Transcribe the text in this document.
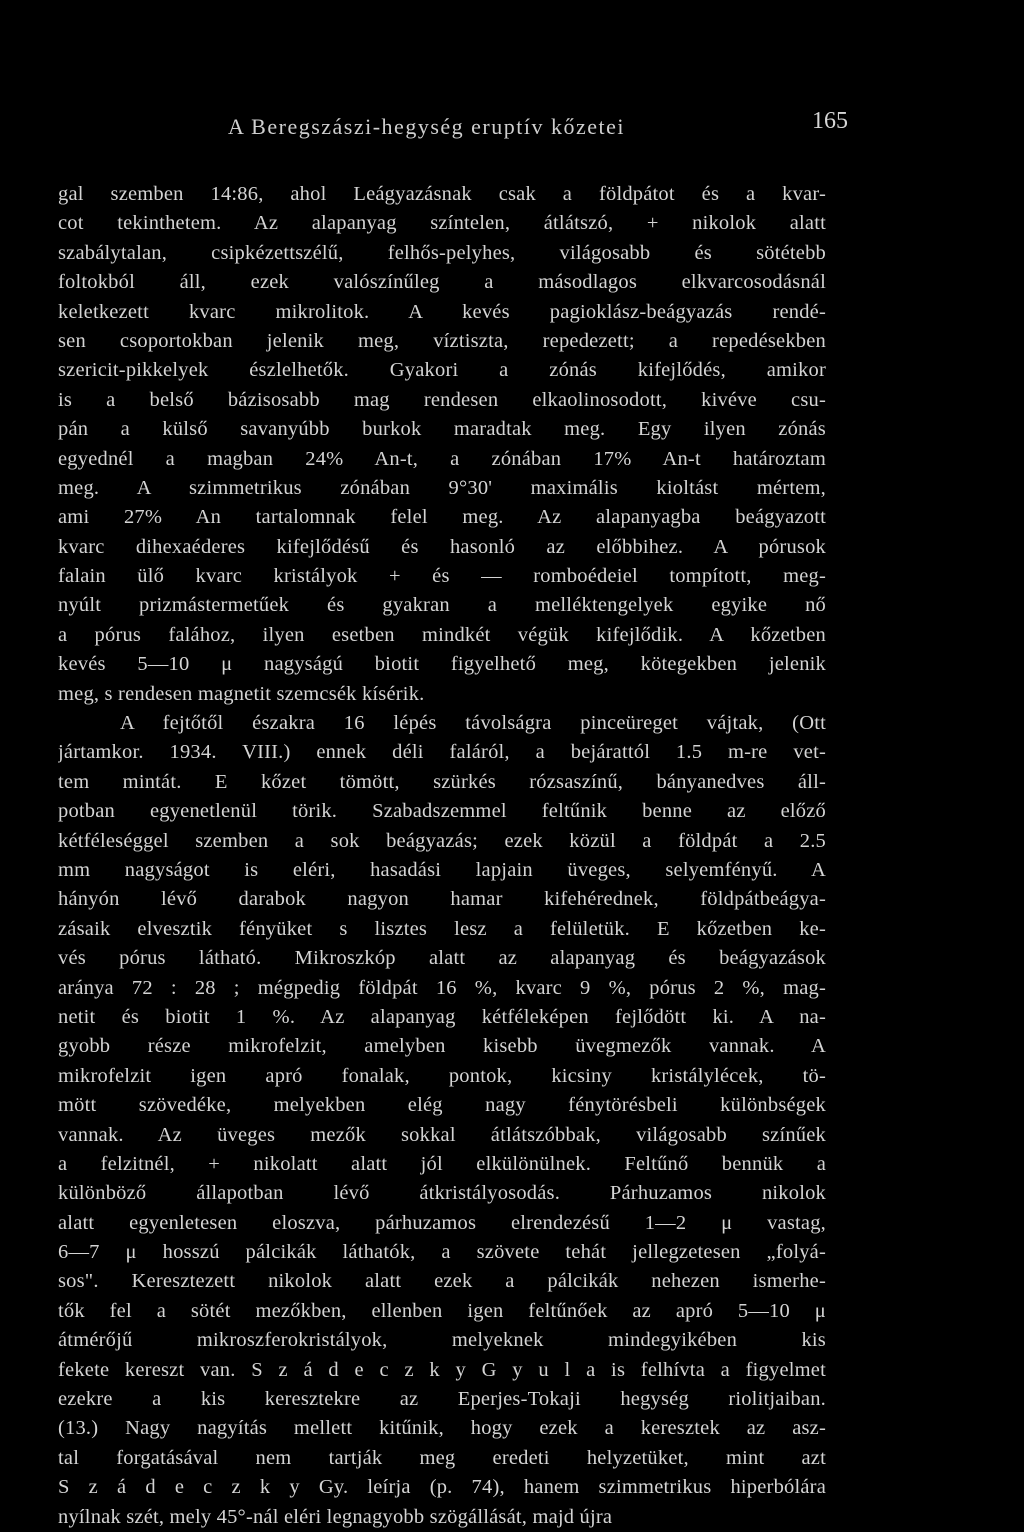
A Beregszászi-hegység eruptív kőzetei	165
gal szemben 14:86, ahol Leágyazásnak csak a földpátot és a kvar-
cot tekinthetem. Az alapanyag színtelen, átlátszó, + nikolok alatt
szabálytalan, csipkézettszélű, felhős-pelyhes, világosabb és sötétebb
foltokból áll, ezek valószínűleg a másodlagos elkvarcosodásnál
keletkezett kvarc mikrolitok. A kevés pagioklász-beágyazás rendé-
sen csoportokban jelenik meg, víztiszta, repedezett; a repedésekben
szericit-pikkelyek észlelhetők. Gyakori a zónás kifejlődés, amikor
is a belső bázisosabb mag rendesen elkaolinosodott, kivéve csu-
pán a külső savanyúbb burkok maradtak meg. Egy ilyen zónás
egyednél a magban 24% An-t, a zónában 17% An-t határoztam
meg. A szimmetrikus zónában 9°30' maximális kioltást mértem,
ami 27% An tartalomnak felel meg. Az alapanyagba beágyazott
kvarc dihexaéderes kifejlődésű és hasonló az előbbihez. A pórusok
falain ülő kvarc kristályok + és — romboédeiel tompított, meg-
nyúlt prizmástermetűek és gyakran a melléktengelyek egyike nő
a pórus falához, ilyen esetben mindkét végük kifejlődik. A kőzetben
kevés 5—10 μ nagyságú biotit figyelhető meg, kötegekben jelenik
meg, s rendesen magnetit szemcsék kísérik.
A fejtőtől északra 16 lépés távolságra pinceüreget vájtak, (Ott
jártamkor. 1934. VIII.) ennek déli faláról, a bejárattól 1.5 m-re vet-
tem mintát. E kőzet tömött, szürkés rózsaszínű, bányanedves áll-
potban egyenetlenül törik. Szabadszemmel feltűnik benne az előző
kétféleséggel szemben a sok beágyazás; ezek közül a földpát a 2.5
mm nagyságot is eléri, hasadási lapjain üveges, selyemfényű. A
hányón lévő darabok nagyon hamar kifehérednek, földpátbeágya-
zásaik elvesztik fényüket s lisztes lesz a felületük. E kőzetben ke-
vés pórus látható. Mikroszkóp alatt az alapanyag és beágyazások
aránya 72 : 28 ; mégpedig földpát 16 %, kvarc 9 %, pórus 2 %, mag-
netit és biotit 1 %. Az alapanyag kétféleképen fejlődött ki. A na-
gyobb része mikrofelzit, amelyben kisebb üvegmezők vannak. A
mikrofelzit igen apró fonalak, pontok, kicsiny kristálylécek, tö-
mött szövedéke, melyekben elég nagy fénytörésbeli különbségek
vannak. Az üveges mezők sokkal átlátszóbbak, világosabb színűek
a felzitnél, + nikolatt alatt jól elkülönülnek. Feltűnő bennük a
különböző állapotban lévő átkristályosodás. Párhuzamos nikolok
alatt egyenletesen eloszva, párhuzamos elrendezésű 1—2 μ vastag,
6—7 μ hosszú pálcikák láthatók, a szövete tehát jellegzetesen „folyá-
sos". Keresztezett nikolok alatt ezek a pálcikák nehezen ismerhe-
tők fel a sötét mezőkben, ellenben igen feltűnőek az apró 5—10 μ
átmérőjű mikroszferokristályok, melyeknek mindegyikében kis
fekete kereszt van. S z á d e c z k y G y u l a is felhívta a figyelmet
ezekre a kis keresztekre az Eperjes-Tokaji hegység riolitjaiban.
(13.) Nagy nagyítás mellett kitűnik, hogy ezek a keresztek az asz-
tal forgatásával nem tartják meg eredeti helyzetüket, mint azt
S z á d e c z k y Gy. leírja (p. 74), hanem szimmetrikus hiperbólára
nyílnak szét, mely 45°-nál eléri legnagyobb szögállását, majd újra
